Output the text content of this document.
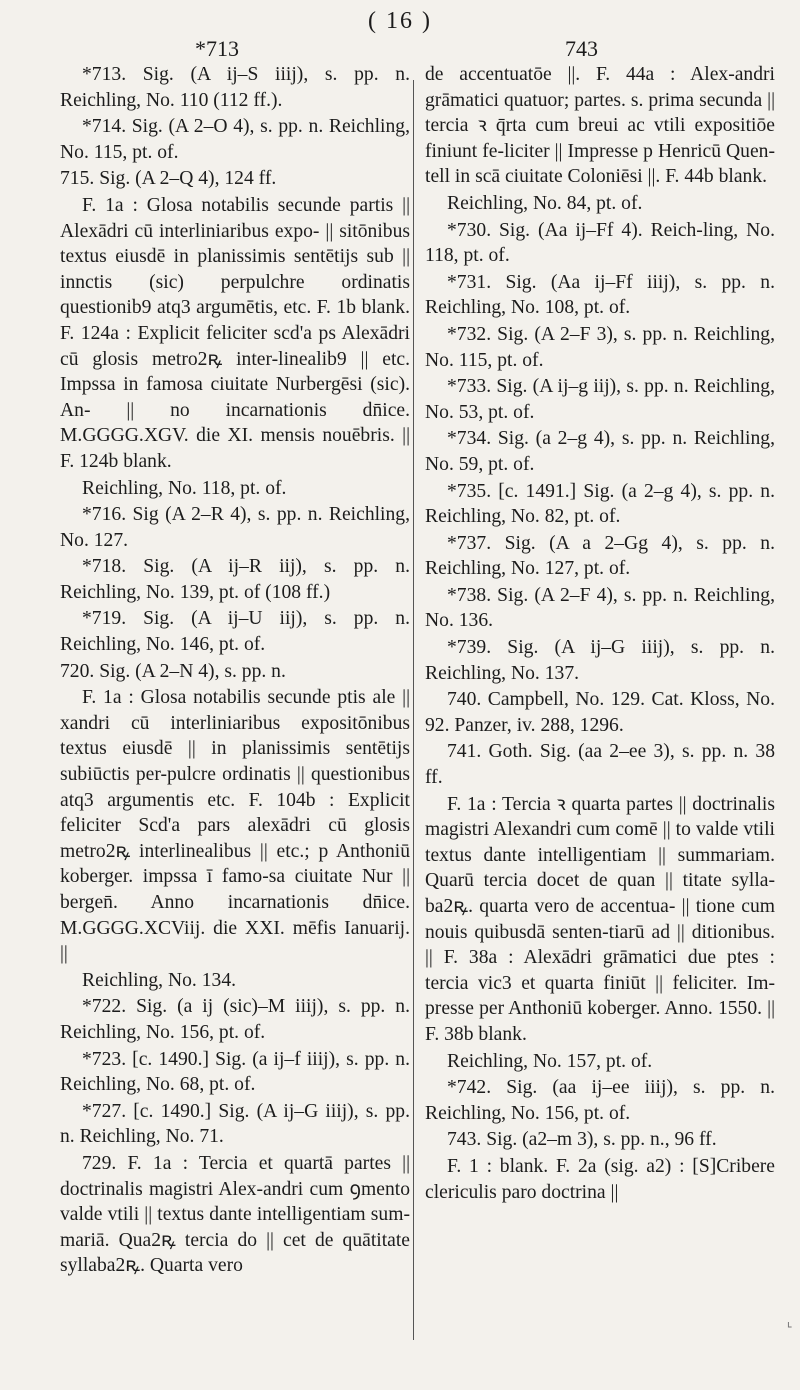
( 16 )
*713	743
*713. Sig. (A ij–S iiij), s. pp. n. Reichling, No. 110 (112 ff.).
*714. Sig. (A 2–O 4), s. pp. n. Reichling, No. 115, pt. of.
715. Sig. (A 2–Q 4), 124 ff.
F. 1a : Glosa notabilis secunde partis || Alexādri cū interliniaribus expo- || sitōnibus textus eiusdē in planissimis sentētijs sub || innctis (sic) perpulchre ordinatis questionib9 atq3 argumētis, etc. F. 1b blank. F. 124a : Explicit feliciter scd'a ps Alexādri cū glosis metro2ꝶ inter-linealib9 || etc. Impssa in famosa ciuitate Nurbergēsi (sic). An- || no incarnationis dn̄ice. M.GGGG.XGV. die XI. mensis nouēbris. || F. 124b blank.
Reichling, No. 118, pt. of.
*716. Sig (A 2–R 4), s. pp. n. Reichling, No. 127.
*718. Sig. (A ij–R iij), s. pp. n. Reichling, No. 139, pt. of (108 ff.)
*719. Sig. (A ij–U iij), s. pp. n. Reichling, No. 146, pt. of.
720. Sig. (A 2–N 4), s. pp. n.
F. 1a : Glosa notabilis secunde ptis ale || xandri cū interliniaribus expositōnibus textus eiusdē || in planissimis sentētijs subiūctis per-pulcre ordinatis || questionibus atq3 argumentis etc. F. 104b : Explicit feliciter Scd'a pars alexādri cū glosis metro2ꝶ interlinealibus || etc.; p Anthoniū koberger. impssa ī famo-sa ciuitate Nur || bergen̄. Anno incarnationis dn̄ice. M.GGGG.XCViij. die XXI. mēfis Ianuarij. ||
Reichling, No. 134.
*722. Sig. (a ij (sic)–M iiij), s. pp. n. Reichling, No. 156, pt. of.
*723. [c. 1490.] Sig. (a ij–f iiij), s. pp. n. Reichling, No. 68, pt. of.
*727. [c. 1490.] Sig. (A ij–G iiij), s. pp. n. Reichling, No. 71.
729. F. 1a : Tercia et quartā partes || doctrinalis magistri Alex-andri cum ꝯmento valde vtili || textus dante intelligentiam sum-mariā. Qua2ꝶ tercia do || cet de quātitate syllaba2ꝶ. Quarta vero
de accentuatōe ||. F. 44a : Alex-andri grāmatici quatuor; partes. s. prima secunda || tercia ꝛ q̄rta cum breui ac vtili expositiōe finiunt fe-liciter || Impresse p Henricū Quen-tell in scā ciuitate Coloniēsi ||. F. 44b blank.
Reichling, No. 84, pt. of.
*730. Sig. (Aa ij–Ff 4). Reich-ling, No. 118, pt. of.
*731. Sig. (Aa ij–Ff iiij), s. pp. n. Reichling, No. 108, pt. of.
*732. Sig. (A 2–F 3), s. pp. n. Reichling, No. 115, pt. of.
*733. Sig. (A ij–g iij), s. pp. n. Reichling, No. 53, pt. of.
*734. Sig. (a 2–g 4), s. pp. n. Reichling, No. 59, pt. of.
*735. [c. 1491.] Sig. (a 2–g 4), s. pp. n. Reichling, No. 82, pt. of.
*737. Sig. (A a 2–Gg 4), s. pp. n. Reichling, No. 127, pt. of.
*738. Sig. (A 2–F 4), s. pp. n. Reichling, No. 136.
*739. Sig. (A ij–G iiij), s. pp. n. Reichling, No. 137.
740. Campbell, No. 129. Cat. Kloss, No. 92. Panzer, iv. 288, 1296.
741. Goth. Sig. (aa 2–ee 3), s. pp. n. 38 ff.
F. 1a : Tercia ꝛ quarta partes || doctrinalis magistri Alexandri cum comē || to valde vtili textus dante intelligentiam || summariam. Quarū tercia docet de quan || titate sylla-ba2ꝶ. quarta vero de accentua- || tione cum nouis quibusdā senten-tiarū ad || ditionibus. || F. 38a : Alexādri grāmatici due ptes : tercia vic3 et quarta finiūt || feliciter. Im-presse per Anthoniū koberger. Anno. 1550. || F. 38b blank.
Reichling, No. 157, pt. of.
*742. Sig. (aa ij–ee iiij), s. pp. n. Reichling, No. 156, pt. of.
743. Sig. (a2–m 3), s. pp. n., 96 ff.
F. 1 : blank. F. 2a (sig. a2) : [S]Cribere clericulis paro doctrina ||
ᒻ
